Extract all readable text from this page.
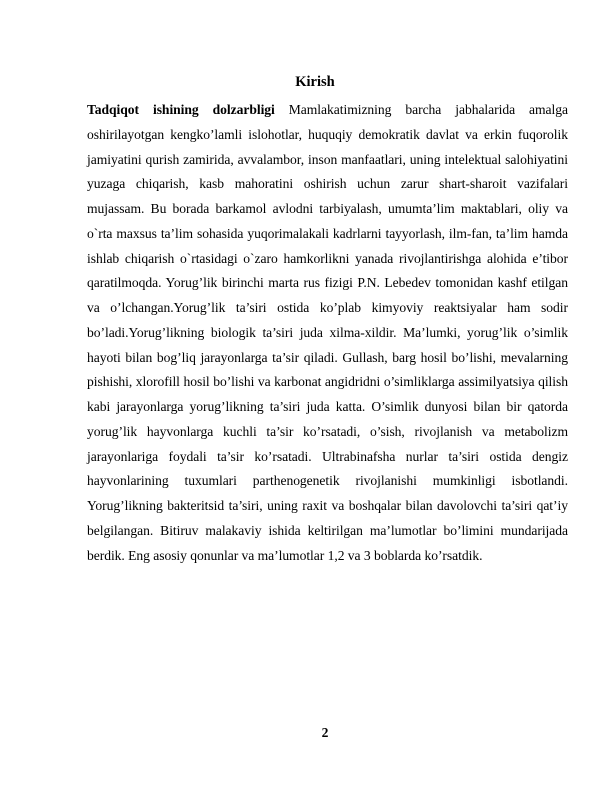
Kirish

Tadqiqot ishining dolzarbligi Mamlakatimizning barcha jabhalarida amalga oshirilayotgan kengko’lamli islohotlar, huquqiy demokratik davlat va erkin fuqorolik jamiyatini qurish zamirida, avvalambor, inson manfaatlari, uning intelektual salohiyatini yuzaga chiqarish, kasb mahoratini oshirish uchun zarur shart-sharoit vazifalari mujassam. Bu borada barkamol avlodni tarbiyalash, umumta’lim maktablari, oliy va o`rta maxsus ta’lim sohasida yuqorimalakali kadrlarni tayyorlash, ilm-fan, ta’lim hamda ishlab chiqarish o`rtasidagi o`zaro hamkorlikni yanada rivojlantirishga alohida e’tibor qaratilmoqda. Yorug’lik birinchi marta rus fizigi P.N. Lebedev tomonidan kashf etilgan va o’lchangan.Yorug’lik ta’siri ostida ko’plab kimyoviy reaktsiyalar ham sodir bo’ladi.Yorug’likning biologik ta’siri juda xilma-xildir. Ma’lumki, yorug’lik o’simlik hayoti bilan bog’liq jarayonlarga ta’sir qiladi. Gullash, barg hosil bo’lishi, mevalarning pishishi, xlorofill hosil bo’lishi va karbonat angidridni o’simliklarga assimilyatsiya qilish kabi jarayonlarga yorug’likning ta’siri juda katta. O’simlik dunyosi bilan bir qatorda yorug’lik hayvonlarga kuchli ta’sir ko’rsatadi, o’sish, rivojlanish va metabolizm jarayonlariga foydali ta’sir ko’rsatadi. Ultrabinafsha nurlar ta’siri ostida dengiz hayvonlarining tuxumlari parthenogenetik rivojlanishi mumkinligi isbotlandi. Yorug’likning bakteritsid ta’siri, uning raxit va boshqalar bilan davolovchi ta’siri qat’iy belgilangan. Bitiruv malakaviy ishida keltirilgan ma’lumotlar bo’limini mundarijada berdik. Eng asosiy qonunlar va ma’lumotlar 1,2 va 3 boblarda ko’rsatdik.

2
